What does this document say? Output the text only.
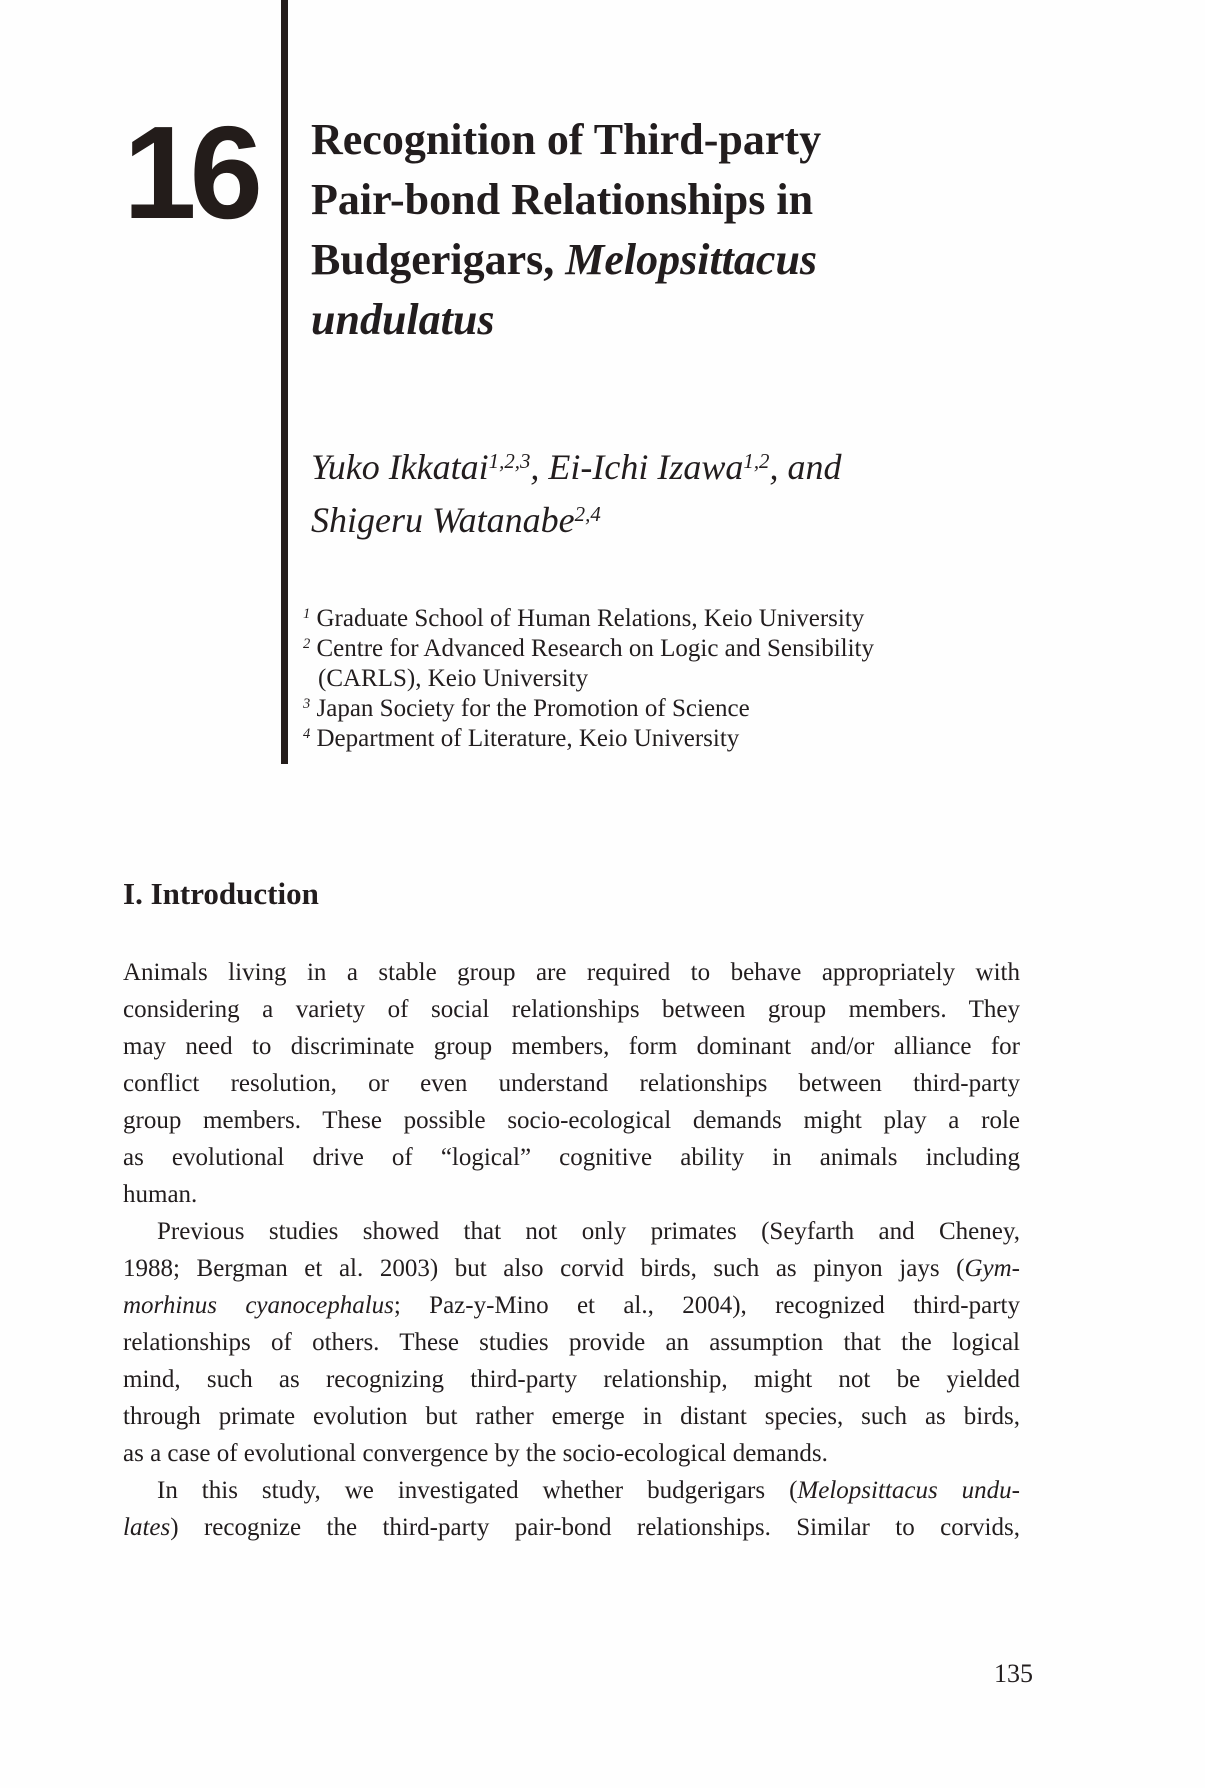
16 Recognition of Third-party
Pair-bond Relationships in
Budgerigars, Melopsittacus
undulatus
Yuko Ikkatai$^{1,2,3}$, Ei-Ichi Izawa$^{1,2}$, and
Shigeru Watanabe$^{2,4}$
$^1$ Graduate School of Human Relations, Keio University
$^2$ Centre for Advanced Research on Logic and Sensibility
(CARLS), Keio University
$^3$ Japan Society for the Promotion of Science
$^4$ Department of Literature, Keio University
I. Introduction
Animals living in a stable group are required to behave appropriately with
considering a variety of social relationships between group members. They
may need to discriminate group members, form dominant and/or alliance for
conflict resolution, or even understand relationships between third-party
group members. These possible socio-ecological demands might play a role
as evolutional drive of “logical” cognitive ability in animals including
human.
Previous studies showed that not only primates (Seyfarth and Cheney,
1988; Bergman et al. 2003) but also corvid birds, such as pinyon jays (Gym-
morhinus cyanocephalus; Paz-y-Mino et al., 2004), recognized third-party
relationships of others. These studies provide an assumption that the logical
mind, such as recognizing third-party relationship, might not be yielded
through primate evolution but rather emerge in distant species, such as birds,
as a case of evolutional convergence by the socio-ecological demands.
In this study, we investigated whether budgerigars (Melopsittacus undu-
lates) recognize the third-party pair-bond relationships. Similar to corvids,
135
